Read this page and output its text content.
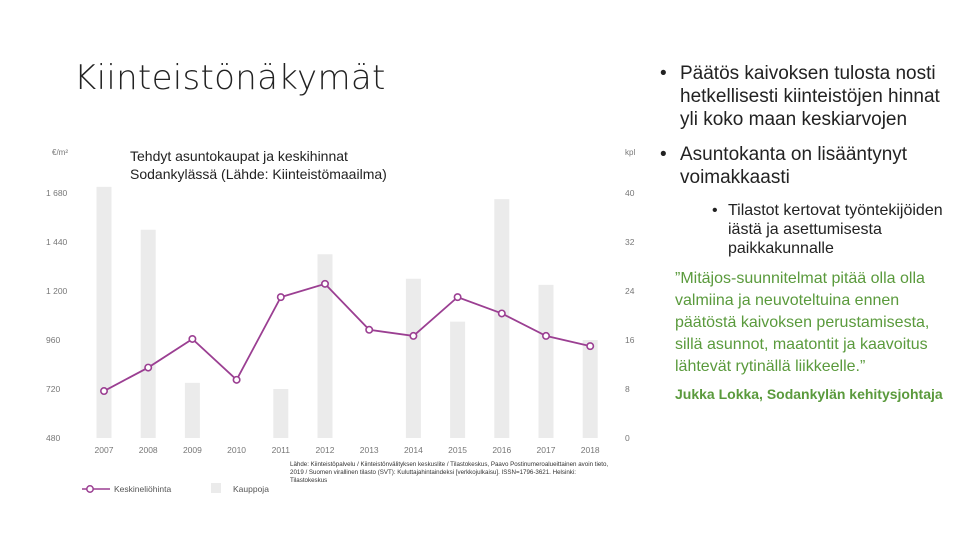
Kiinteistönäkymät
480
720
960
1 200
1 440
1 680
0
8
16
24
32
40
2007	2008	2009	2010	2011	2012	2013	2014	2015	2016	2017	2018
€/m²	kpl
Keskineliöhinta	Kauppoja
Lähde: Kiinteistöpalvelu / Kiinteistönvälityksen keskuslite / Tilastokeskus, Paavo Postinumeroalueittainen avoin tieto, 2019 / Suomen virallinen tilasto (SVT): Kuluttajahintaindeksi [verkkojulkaisu]. ISSN=1796-3621. Helsinki: Tilastokeskus
Tehdyt asuntokaupat ja keskihinnat
Sodankylässä (Lähde: Kiinteistömaailma)
• Päätös kaivoksen tulosta nosti hetkellisesti kiinteistöjen hinnat yli koko maan keskiarvojen
• Asuntokanta on lisääntynyt voimakkaasti
• Tilastot kertovat työntekijöiden iästä ja asettumisesta paikkakunnalle
”Mitäjos-suunnitelmat pitää olla olla valmiina ja neuvoteltuina ennen päätöstä kaivoksen perustamisesta, sillä asunnot, maatontit ja kaavoitus lähtevät rytinällä liikkeelle.”
Jukka Lokka, Sodankylän kehitysjohtaja
